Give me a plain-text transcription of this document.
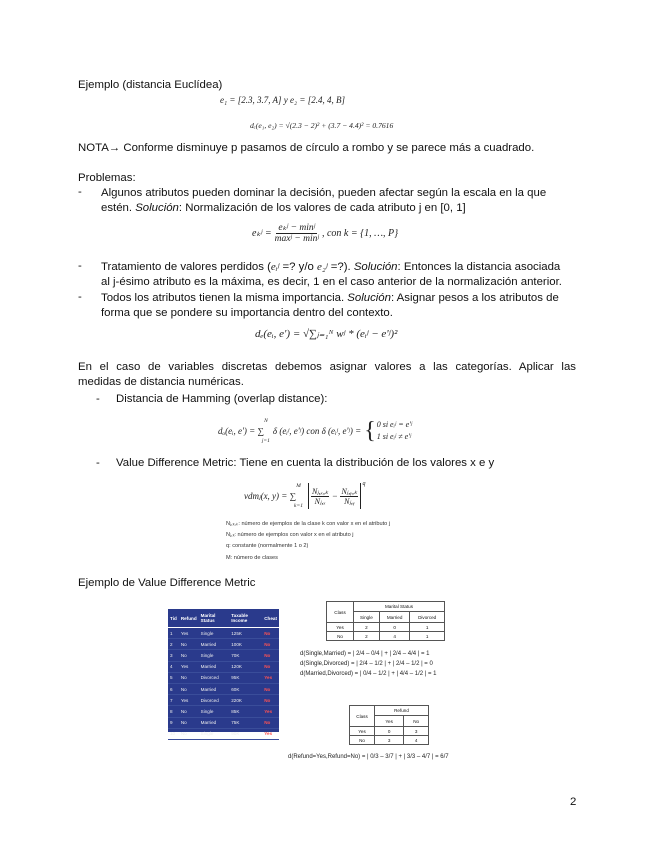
Ejemplo (distancia Euclídea)
e₁ = [2.3, 3.7, A] y e₂ = [2.4, 4, B]
dₑ(e₁, e₂) = √(2.3 − 2)² + (3.7 − 4.4)² = 0.7616
NOTA→ Conforme disminuye p pasamos de círculo a rombo y se parece más a cuadrado.
Problemas:
- Algunos atributos pueden dominar la decisión, pueden afectar según la escala en la que
estén. Solución: Normalización de los valores de cada atributo j en [0, 1]
eₖʲ = eₖʲ − minʲ
maxʲ − minʲ
, con k = {1, …, P}
- Tratamiento de valores perdidos (eᵢʲ =? y/o e₂ʲ =?). Solución: Entonces la distancia asociada
al j-ésimo atributo es la máxima, es decir, 1 en el caso anterior de la normalización anterior.
- Todos los atributos tienen la misma importancia. Solución: Asignar pesos a los atributos de
forma que se pondere su importancia dentro del contexto.
dₑ(eᵢ, e') = √∑ⱼ₌₁ᴺ wʲ * (eᵢʲ − e'ʲ)²
En el caso de variables discretas debemos asignar valores a las categorías. Aplicar las
medidas de distancia numéricas.
- Distancia de Hamming (overlap distance):
dₒ(eᵢ, e') = ∑
N
j=1
δ (eᵢʲ, e'ʲ) con δ (eᵢʲ, e'ʲ) = { 0 si eᵢʲ = e'ʲ
1 si eᵢʲ ≠ e'ʲ
- Value Difference Metric: Tiene en cuenta la distribución de los valores x e y
vdmⱼ(x, y) = ∑
M
k=1
$\frac{\text{Nⱼ,ₓ,ₖ}}{\text{Nⱼ,ₓ}} - \frac{\text{Nⱼ,ᵧ,ₖ}}{\text{Nⱼ,ᵧ}}$
$^q$
Nⱼ,ₓ,ₖ: número de ejemplos de la clase k con valor x en el atributo j
Nⱼ,ₓ: número de ejemplos con valor x en el atributo j
q: constante (normalmente 1 o 2)
M: número de clases
Ejemplo de Value Difference Metric
Tid	Refund	Marital Status	Taxable Income	Cheat
1	Yes	Single	125K	No
2	No	Married	100K	No
3	No	Single	70K	No
4	Yes	Married	120K	No
5	No	Divorced	95K	Yes
6	No	Married	60K	No
7	Yes	Divorced	220K	No
8	No	Single	85K	Yes
9	No	Married	75K	No
10	No	Single	90K	Yes
Class	Marital Status		
	Single	Married	Divorced
Yes	2	0	1
No	2	4	1
d(Single,Married) = | 2/4 – 0/4 | + | 2/4 – 4/4 | = 1
d(Single,Divorced) = | 2/4 – 1/2 | + | 2/4 – 1/2 | = 0
d(Married,Divorced) = | 0/4 – 1/2 | + | 4/4 – 1/2 | = 1
Class	Refund	
	Yes	No
Yes	0	3
No	3	4
d(Refund=Yes,Refund=No) = | 0/3 – 3/7 | + | 3/3 – 4/7 | = 6/7
2
